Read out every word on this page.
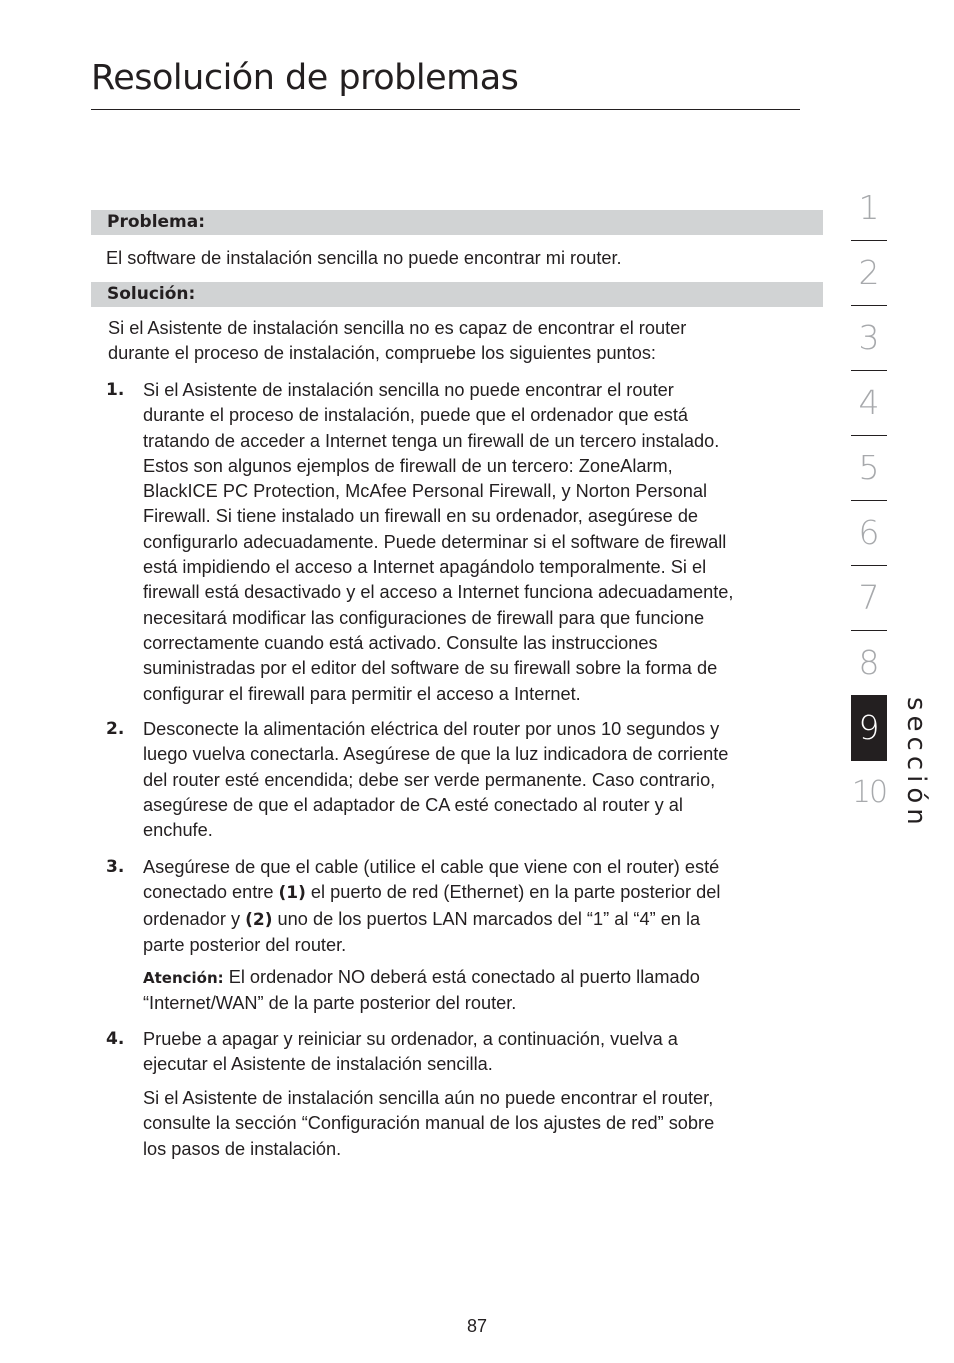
Resolución de problemas
Problema:

El software de instalación sencilla no puede encontrar mi router.

Solución:

Si el Asistente de instalación sencilla no es capaz de encontrar el router
durante el proceso de instalación, compruebe los siguientes puntos:

1. Si el Asistente de instalación sencilla no puede encontrar el router
durante el proceso de instalación, puede que el ordenador que está
tratando de acceder a Internet tenga un firewall de un tercero instalado.
Estos son algunos ejemplos de firewall de un tercero: ZoneAlarm,
BlackICE PC Protection, McAfee Personal Firewall, y Norton Personal
Firewall. Si tiene instalado un firewall en su ordenador, asegúrese de
configurarlo adecuadamente. Puede determinar si el software de firewall
está impidiendo el acceso a Internet apagándolo temporalmente. Si el
firewall está desactivado y el acceso a Internet funciona adecuadamente,
necesitará modificar las configuraciones de firewall para que funcione
correctamente cuando está activado. Consulte las instrucciones
suministradas por el editor del software de su firewall sobre la forma de
configurar el firewall para permitir el acceso a Internet.

2. Desconecte la alimentación eléctrica del router por unos 10 segundos y
luego vuelva conectarla. Asegúrese de que la luz indicadora de corriente
del router esté encendida; debe ser verde permanente. Caso contrario,
asegúrese de que el adaptador de CA esté conectado al router y al
enchufe.

3. Asegúrese de que el cable (utilice el cable que viene con el router) esté
conectado entre (1) el puerto de red (Ethernet) en la parte posterior del
ordenador y (2) uno de los puertos LAN marcados del “1” al “4” en la
parte posterior del router.

Atención: El ordenador NO deberá está conectado al puerto llamado
“Internet/WAN” de la parte posterior del router.

4. Pruebe a apagar y reiniciar su ordenador, a continuación, vuelva a
ejecutar el Asistente de instalación sencilla.

Si el Asistente de instalación sencilla aún no puede encontrar el router,
consulte la sección “Configuración manual de los ajustes de red” sobre
los pasos de instalación.

1
2
3
4
5
6
7
8
9
10 sección
87
